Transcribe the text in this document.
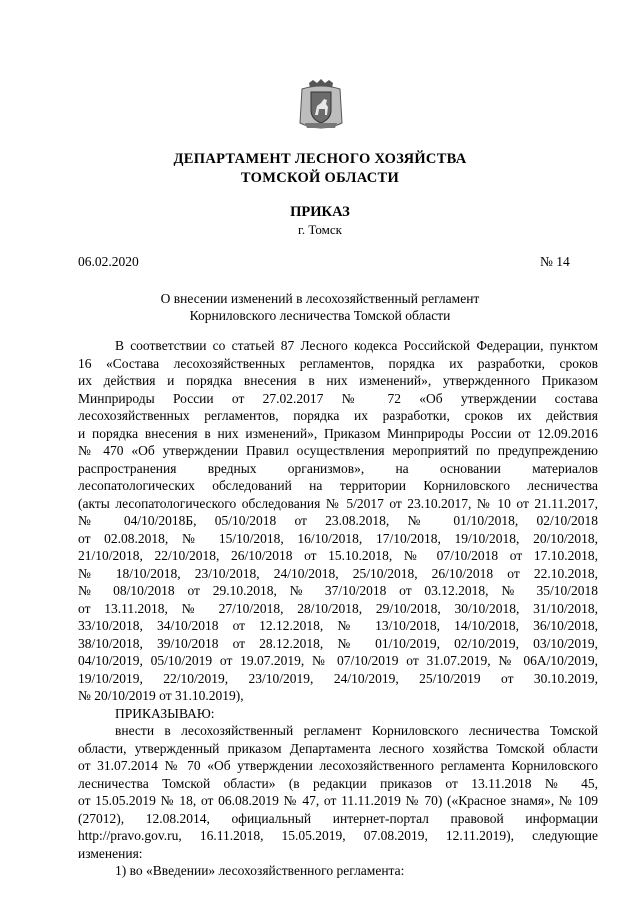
ДЕПАРТАМЕНТ ЛЕСНОГО ХОЗЯЙСТВА
ТОМСКОЙ ОБЛАСТИ
ПРИКАЗ
г. Томск
06.02.2020	№ 14
О внесении изменений в лесохозяйственный регламент
Корниловского лесничества Томской области
В соответствии со статьей 87 Лесного кодекса Российской Федерации, пунктом
16 «Состава лесохозяйственных регламентов, порядка их разработки, сроков
их действия и порядка внесения в них изменений», утвержденного Приказом
Минприроды России от 27.02.2017 № 72 «Об утверждении состава
лесохозяйственных регламентов, порядка их разработки, сроков их действия
и порядка внесения в них изменений», Приказом Минприроды России от 12.09.2016
№ 470 «Об утверждении Правил осуществления мероприятий по предупреждению
распространения вредных организмов», на основании материалов
лесопатологических обследований на территории Корниловского лесничества
(акты лесопатологического обследования № 5/2017 от 23.10.2017, № 10 от 21.11.2017,
№ 04/10/2018Б, 05/10/2018 от 23.08.2018, № 01/10/2018, 02/10/2018
от 02.08.2018, № 15/10/2018, 16/10/2018, 17/10/2018, 19/10/2018, 20/10/2018,
21/10/2018, 22/10/2018, 26/10/2018 от 15.10.2018, № 07/10/2018 от 17.10.2018,
№ 18/10/2018, 23/10/2018, 24/10/2018, 25/10/2018, 26/10/2018 от 22.10.2018,
№ 08/10/2018 от 29.10.2018, № 37/10/2018 от 03.12.2018, № 35/10/2018
от 13.11.2018, № 27/10/2018, 28/10/2018, 29/10/2018, 30/10/2018, 31/10/2018,
33/10/2018, 34/10/2018 от 12.12.2018, № 13/10/2018, 14/10/2018, 36/10/2018,
38/10/2018, 39/10/2018 от 28.12.2018, № 01/10/2019, 02/10/2019, 03/10/2019,
04/10/2019, 05/10/2019 от 19.07.2019, № 07/10/2019 от 31.07.2019, № 06А/10/2019,
19/10/2019, 22/10/2019, 23/10/2019, 24/10/2019, 25/10/2019 от 30.10.2019,
№ 20/10/2019 от 31.10.2019),
ПРИКАЗЫВАЮ:
внести в лесохозяйственный регламент Корниловского лесничества Томской
области, утвержденный приказом Департамента лесного хозяйства Томской области
от 31.07.2014 № 70 «Об утверждении лесохозяйственного регламента Корниловского
лесничества Томской области» (в редакции приказов от 13.11.2018 № 45,
от 15.05.2019 № 18, от 06.08.2019 № 47, от 11.11.2019 № 70) («Красное знамя», № 109
(27012), 12.08.2014, официальный интернет-портал правовой информации
http://pravo.gov.ru, 16.11.2018, 15.05.2019, 07.08.2019, 12.11.2019), следующие
изменения:
1) во «Введении» лесохозяйственного регламента:
